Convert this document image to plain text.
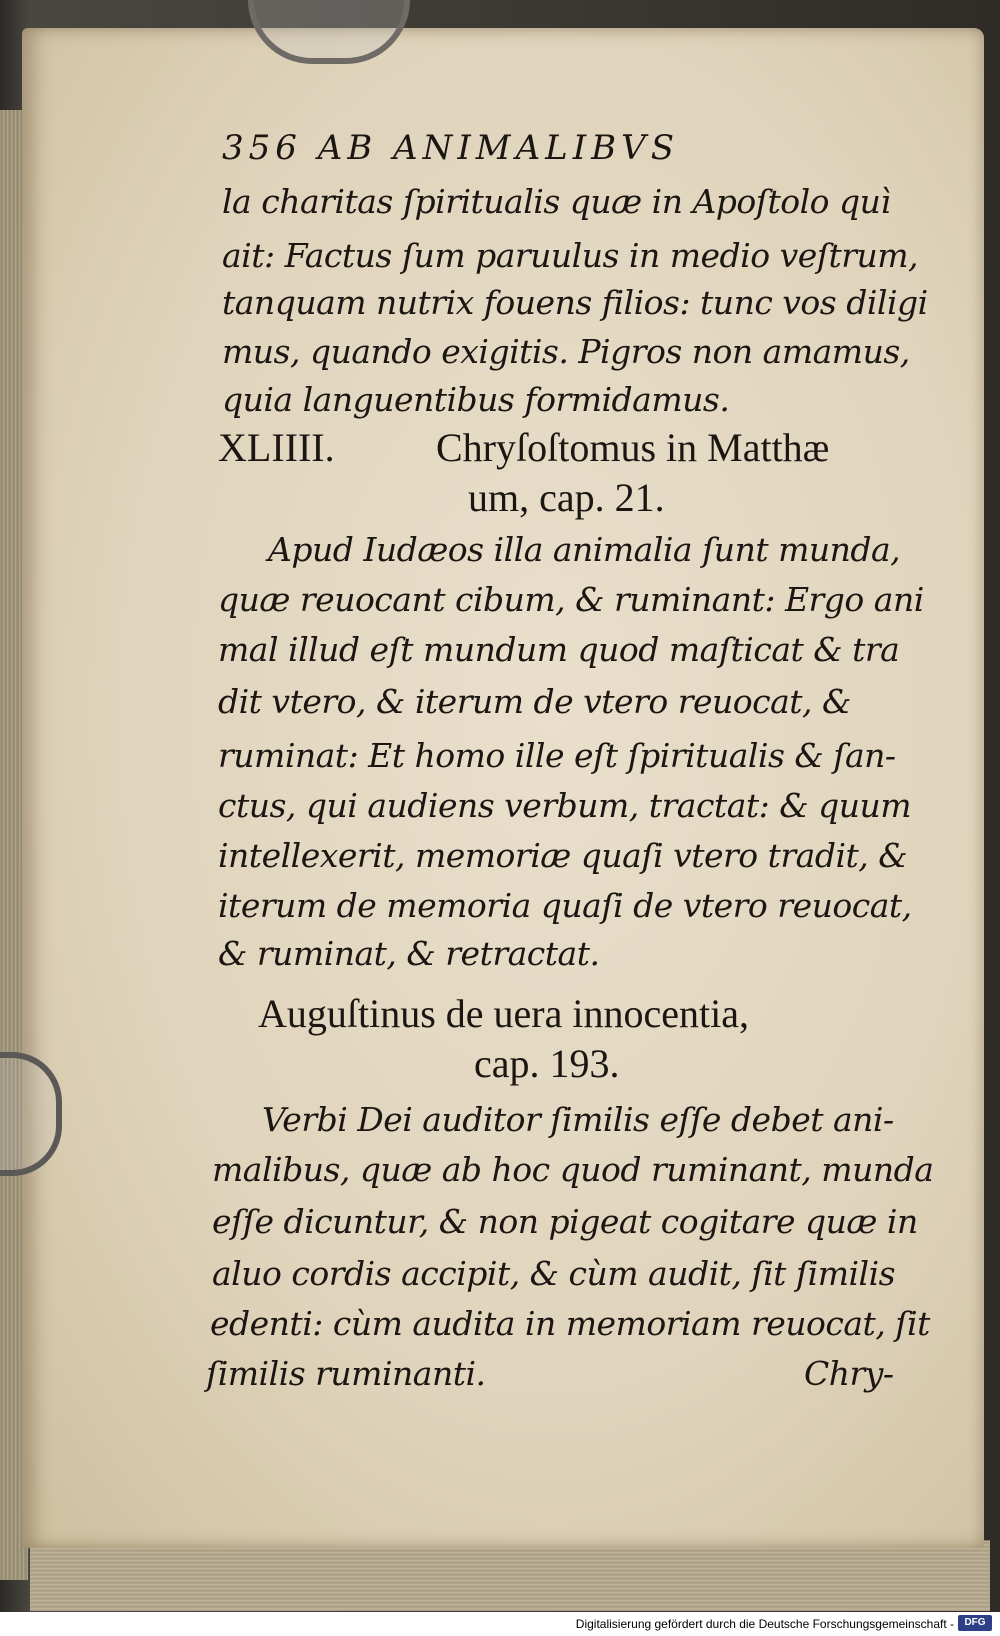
356 AB ANIMALIBVS
la charitas ſpiritualis quæ in Apoſtolo quì
ait: Factus ſum paruulus in medio veſtrum,
tanquam nutrix fouens filios: tunc vos diligi
mus, quando exigitis. Pigros non amamus,
quia languentibus formidamus.
XLIIII.	Chryſoſtomus in Matthæ
um, cap. 21.
Apud Iudæos illa animalia ſunt munda,
quæ reuocant cibum, & ruminant: Ergo ani
mal illud eſt mundum quod maſticat & tra
dit vtero, & iterum de vtero reuocat, &
ruminat: Et homo ille eſt ſpiritualis & ſan-
ctus, qui audiens verbum, tractat: & quum
intellexerit, memoriæ quaſi vtero tradit, &
iterum de memoria quaſi de vtero reuocat,
& ruminat, & retractat.
Auguſtinus de uera innocentia,
cap. 193.
Verbi Dei auditor ſimilis eſſe debet ani-
malibus, quæ ab hoc quod ruminant, munda
eſſe dicuntur, & non pigeat cogitare quæ in
aluo cordis accipit, & cùm audit, ſit ſimilis
edenti: cùm audita in memoriam reuocat, ſit
ſimilis ruminanti.	Chry-
Digitalisierung gefördert durch die Deutsche Forschungsgemeinschaft -	DFG
